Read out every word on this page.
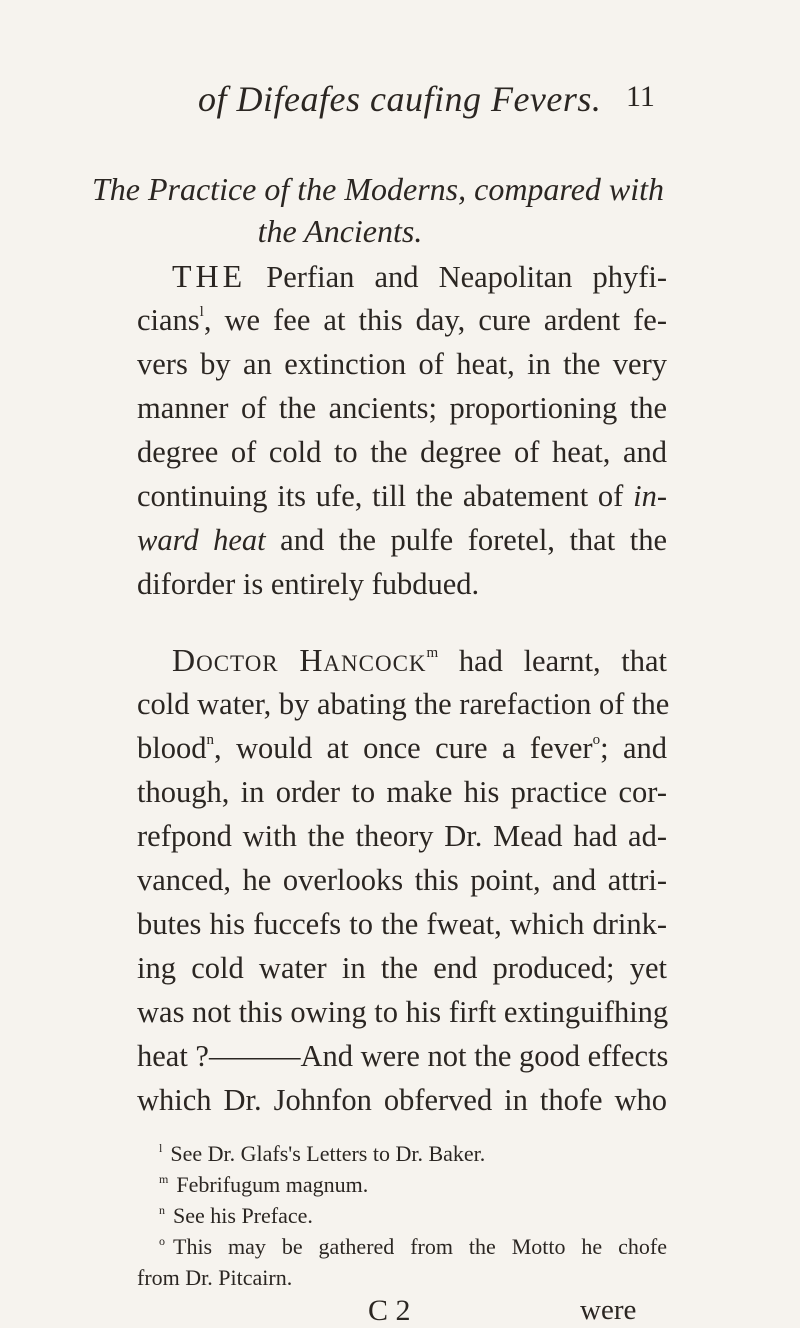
of Difeafes caufing Fevers. 11
The Practice of the Moderns, compared with
the Ancients.
THE Perfian and Neapolitan phyfi-
cians$^l$, we fee at this day, cure ardent fe-
vers by an extinction of heat, in the very
manner of the ancients; proportioning the
degree of cold to the degree of heat, and
continuing its ufe, till the abatement of in-
ward heat and the pulfe foretel, that the
diforder is entirely fubdued.
DOCTOR HANCOCK$^m$ had learnt, that
cold water, by abating the rarefaction of the
blood$^n$, would at once cure a fever$^o$; and
though, in order to make his practice cor-
refpond with the theory Dr. Mead had ad-
vanced, he overlooks this point, and attri-
butes his fuccefs to the fweat, which drink-
ing cold water in the end produced; yet
was not this owing to his firft extinguifhing
heat ?———And were not the good effects
which Dr. Johnfon obferved in thofe who
$^l$ See Dr. Glafs's Letters to Dr. Baker.
$^m$ Febrifugum magnum.
$^n$ See his Preface.
$^o$ This may be gathered from the Motto he chofe
from Dr. Pitcairn.
C 2	were
